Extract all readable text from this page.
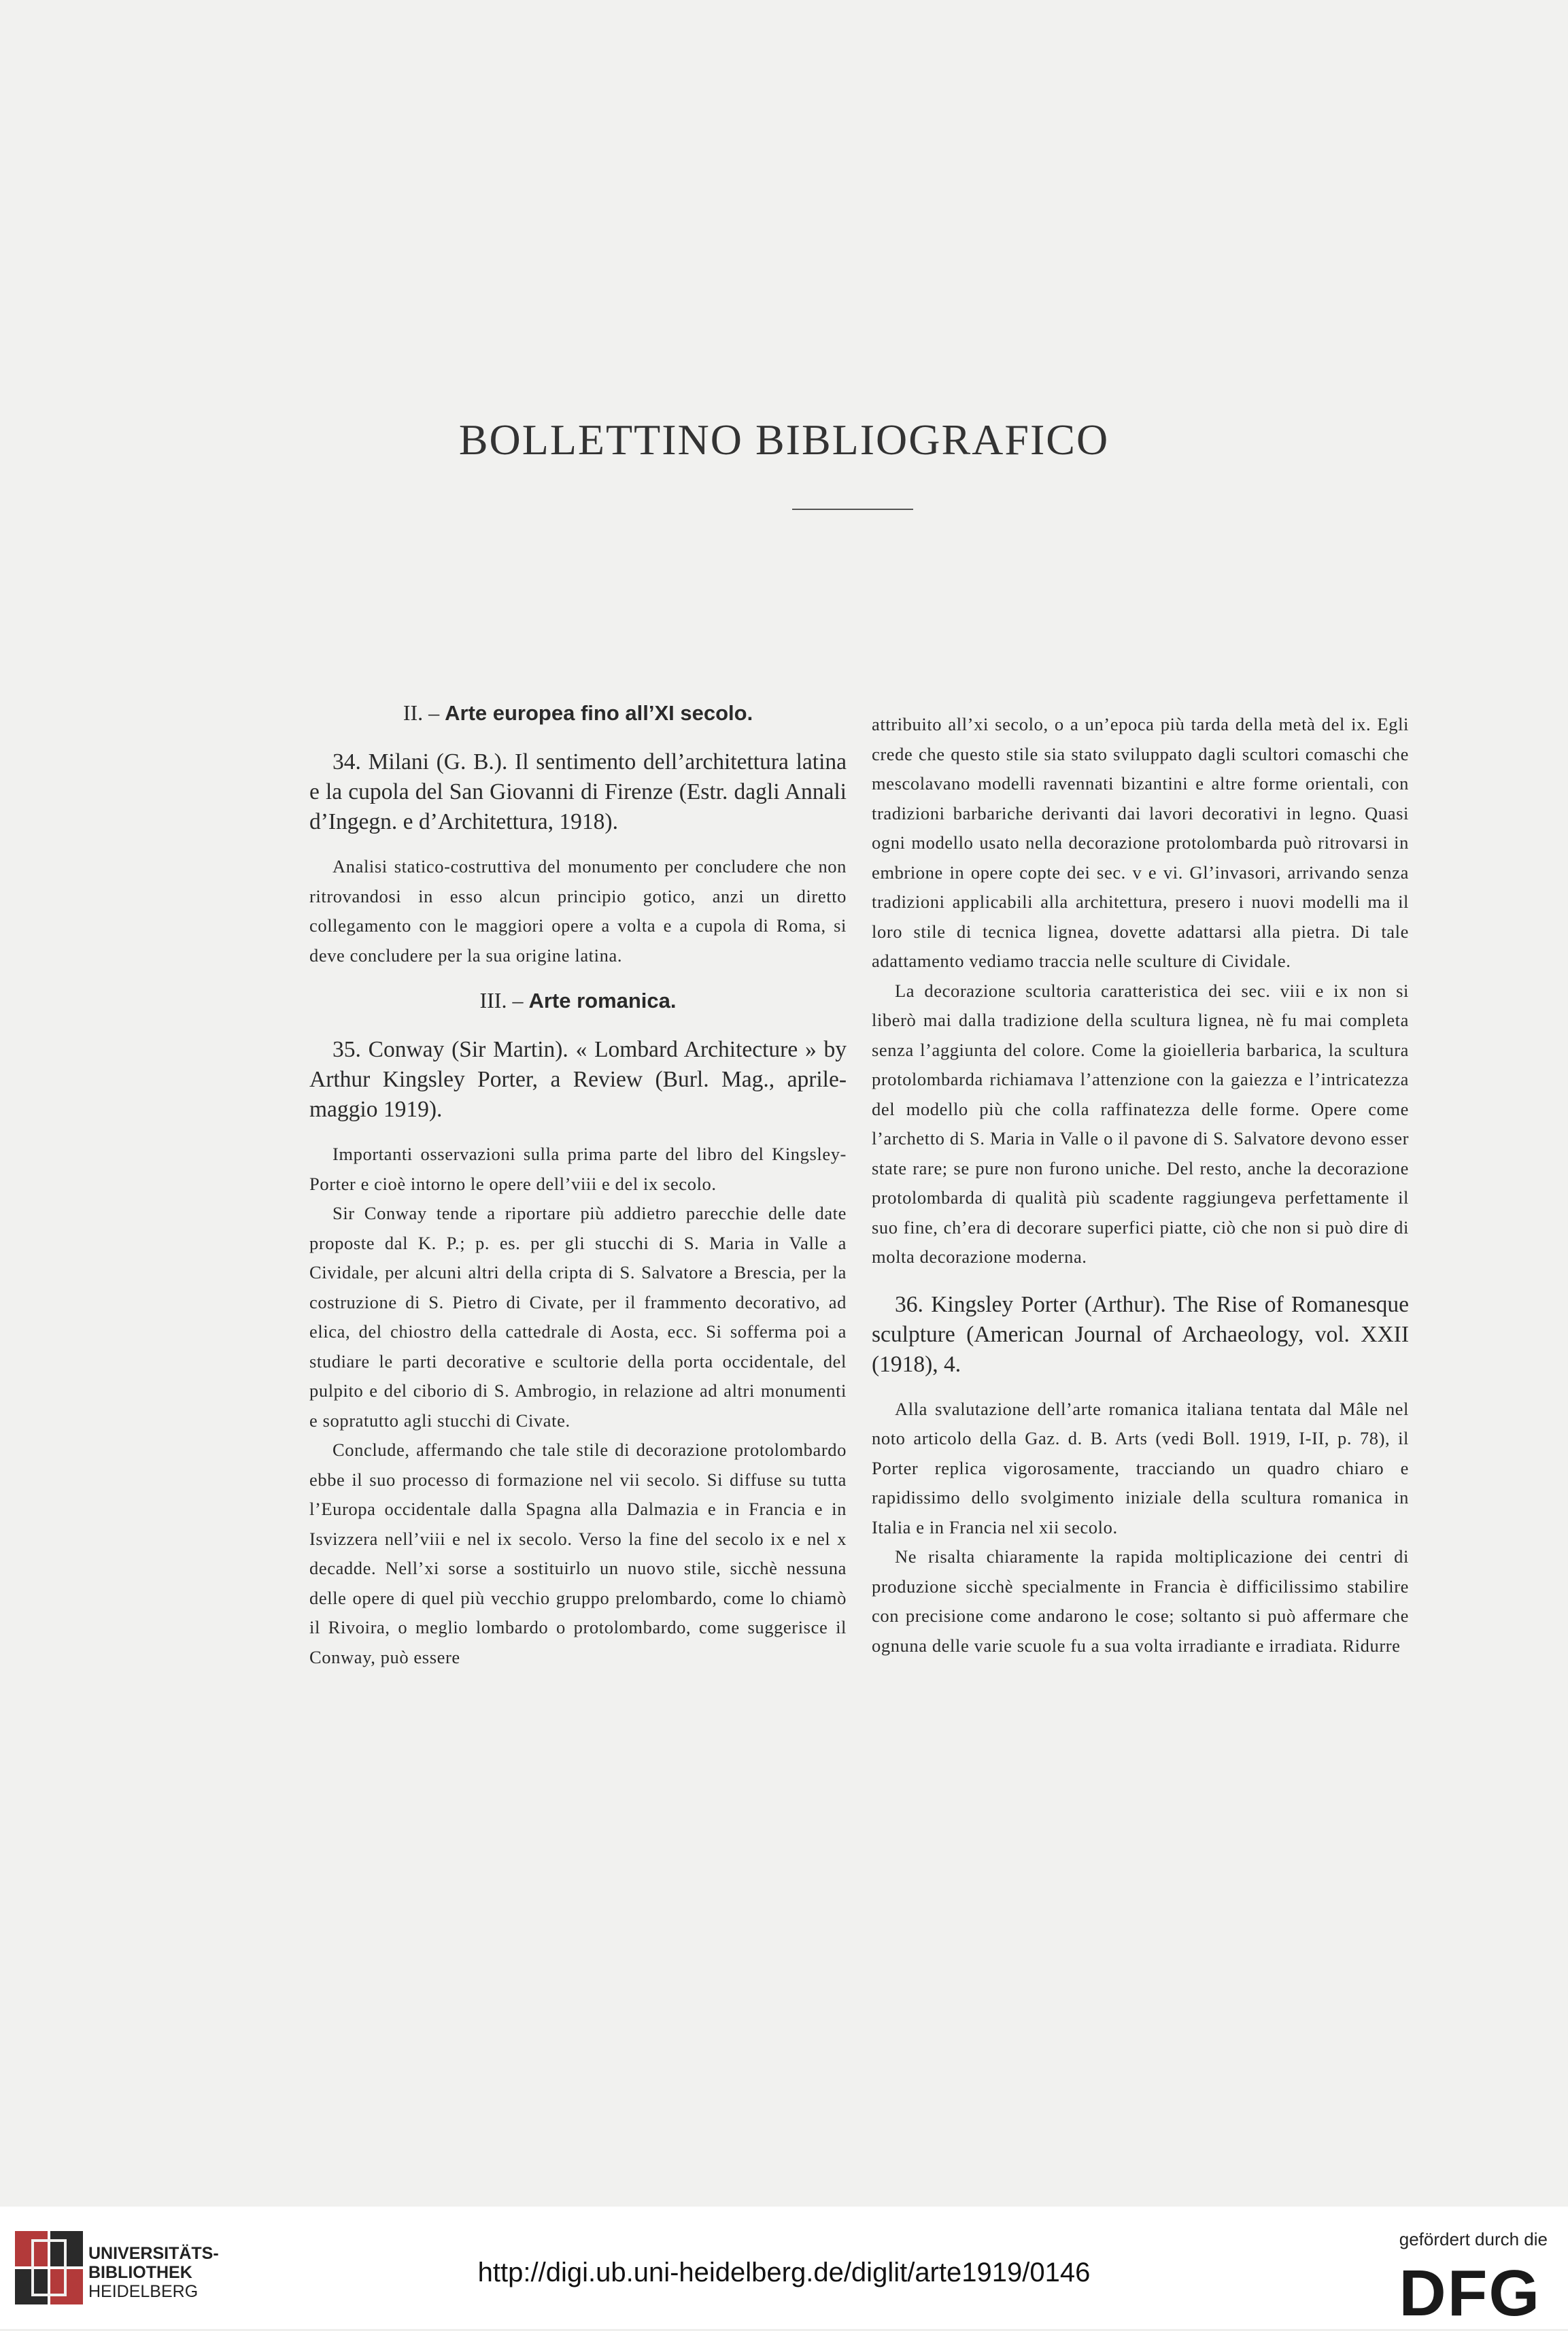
BOLLETTINO BIBLIOGRAFICO
II. – Arte europea fino all’XI secolo.

34. Milani (G. B.). Il sentimento dell’architettura latina e la cupola del San Giovanni di Firenze (Estr. dagli Annali d’Ingegn. e d’Architettura, 1918).

Analisi statico-costruttiva del monumento per concludere che non ritrovandosi in esso alcun principio gotico, anzi un diretto collegamento con le maggiori opere a volta e a cupola di Roma, si deve concludere per la sua origine latina.

III. – Arte romanica.

35. Conway (Sir Martin). « Lombard Architecture » by Arthur Kingsley Porter, a Review (Burl. Mag., aprile-maggio 1919).

Importanti osservazioni sulla prima parte del libro del Kingsley-Porter e cioè intorno le opere dell’viii e del ix secolo.

Sir Conway tende a riportare più addietro parecchie delle date proposte dal K. P.; p. es. per gli stucchi di S. Maria in Valle a Cividale, per alcuni altri della cripta di S. Salvatore a Brescia, per la costruzione di S. Pietro di Civate, per il frammento decorativo, ad elica, del chiostro della cattedrale di Aosta, ecc. Si sofferma poi a studiare le parti decorative e scultorie della porta occidentale, del pulpito e del ciborio di S. Ambrogio, in relazione ad altri monumenti e sopratutto agli stucchi di Civate.

Conclude, affermando che tale stile di decorazione protolombardo ebbe il suo processo di formazione nel vii secolo. Si diffuse su tutta l’Europa occidentale dalla Spagna alla Dalmazia e in Francia e in Isvizzera nell’viii e nel ix secolo. Verso la fine del secolo ix e nel x decadde. Nell’xi sorse a sostituirlo un nuovo stile, sicchè nessuna delle opere di quel più vecchio gruppo prelombardo, come lo chiamò il Rivoira, o meglio lombardo o protolombardo, come suggerisce il Conway, può essere

attribuito all’xi secolo, o a un’epoca più tarda della metà del ix. Egli crede che questo stile sia stato sviluppato dagli scultori comaschi che mescolavano modelli ravennati bizantini e altre forme orientali, con tradizioni barbariche derivanti dai lavori decorativi in legno. Quasi ogni modello usato nella decorazione protolombarda può ritrovarsi in embrione in opere copte dei sec. v e vi. Gl’invasori, arrivando senza tradizioni applicabili alla architettura, presero i nuovi modelli ma il loro stile di tecnica lignea, dovette adattarsi alla pietra. Di tale adattamento vediamo traccia nelle sculture di Cividale.

La decorazione scultoria caratteristica dei sec. viii e ix non si liberò mai dalla tradizione della scultura lignea, nè fu mai completa senza l’aggiunta del colore. Come la gioielleria barbarica, la scultura protolombarda richiamava l’attenzione con la gaiezza e l’intricatezza del modello più che colla raffinatezza delle forme. Opere come l’archetto di S. Maria in Valle o il pavone di S. Salvatore devono esser state rare; se pure non furono uniche. Del resto, anche la decorazione protolombarda di qualità più scadente raggiungeva perfettamente il suo fine, ch’era di decorare superfici piatte, ciò che non si può dire di molta decorazione moderna.

36. Kingsley Porter (Arthur). The Rise of Romanesque sculpture (American Journal of Archaeology, vol. XXII (1918), 4.

Alla svalutazione dell’arte romanica italiana tentata dal Mâle nel noto articolo della Gaz. d. B. Arts (vedi Boll. 1919, I-II, p. 78), il Porter replica vigorosamente, tracciando un quadro chiaro e rapidissimo dello svolgimento iniziale della scultura romanica in Italia e in Francia nel xii secolo.

Ne risalta chiaramente la rapida moltiplicazione dei centri di produzione sicchè specialmente in Francia è difficilissimo stabilire con precisione come andarono le cose; soltanto si può affermare che ognuna delle varie scuole fu a sua volta irradiante e irradiata. Ridurre

UNIVERSITÄTS-
BIBLIOTHEK
HEIDELBERG
http://digi.ub.uni-heidelberg.de/diglit/arte1919/0146
gefördert durch die
DFG
